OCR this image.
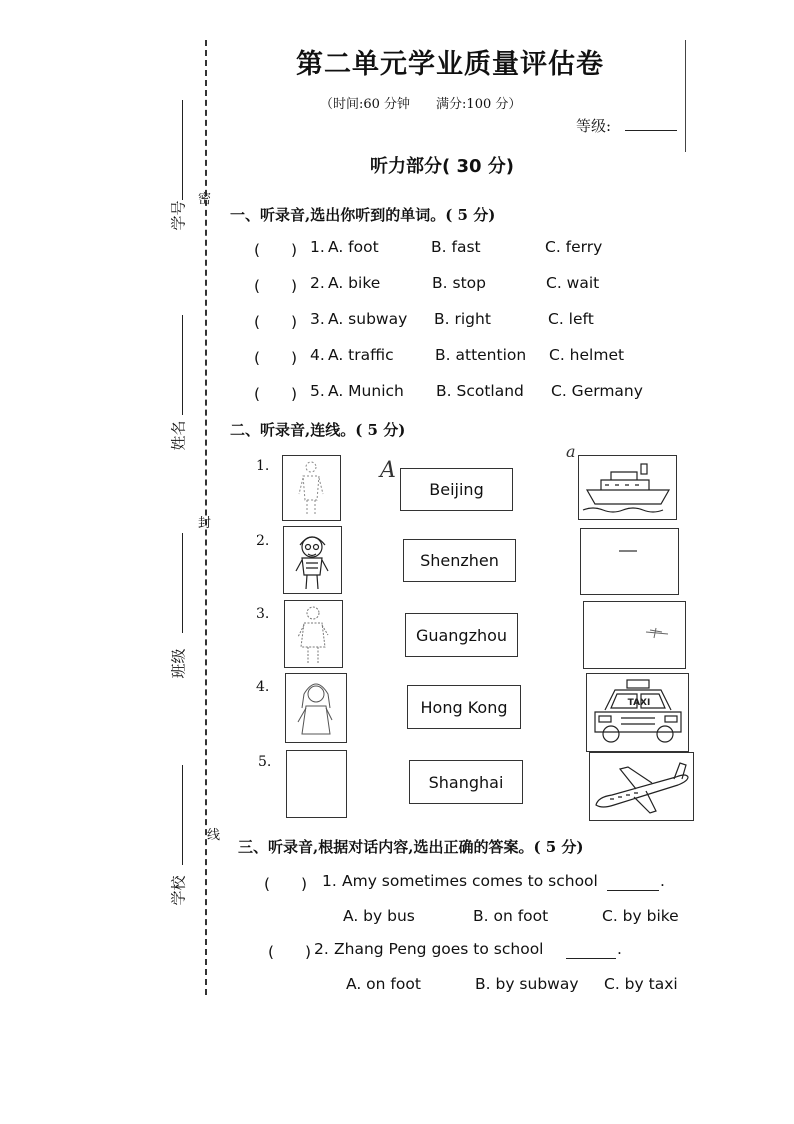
学号
密
姓名
封
班级
学校
线
第二单元学业质量评估卷
（时间:60 分钟　　满分:100 分）
等级:
听力部分( 30 分)
一、听录音,选出你听到的单词。( 5 分)
(　　) 1. A. foot	B. fast	C. ferry
(　　) 2. A. bike	B. stop	C. wait
(　　) 3. A. subway B. right	C. left
(　　) 4. A. traffic	B. attention C. helmet
(　　) 5. A. Munich B. Scotland C. Germany
二、听录音,连线。( 5 分)
1.
2.
3.
4.
5.
A
Beijing
Shenzhen
Guangzhou
Hong Kong
Shanghai
a
TAXI
三、听录音,根据对话内容,选出正确的答案。( 5 分)
(　　) 1. Amy sometimes comes to school	.
A. by bus	B. on foot	C. by bike
(　　) 2. Zhang Peng goes to school	.
A. on foot	B. by subway C. by taxi
